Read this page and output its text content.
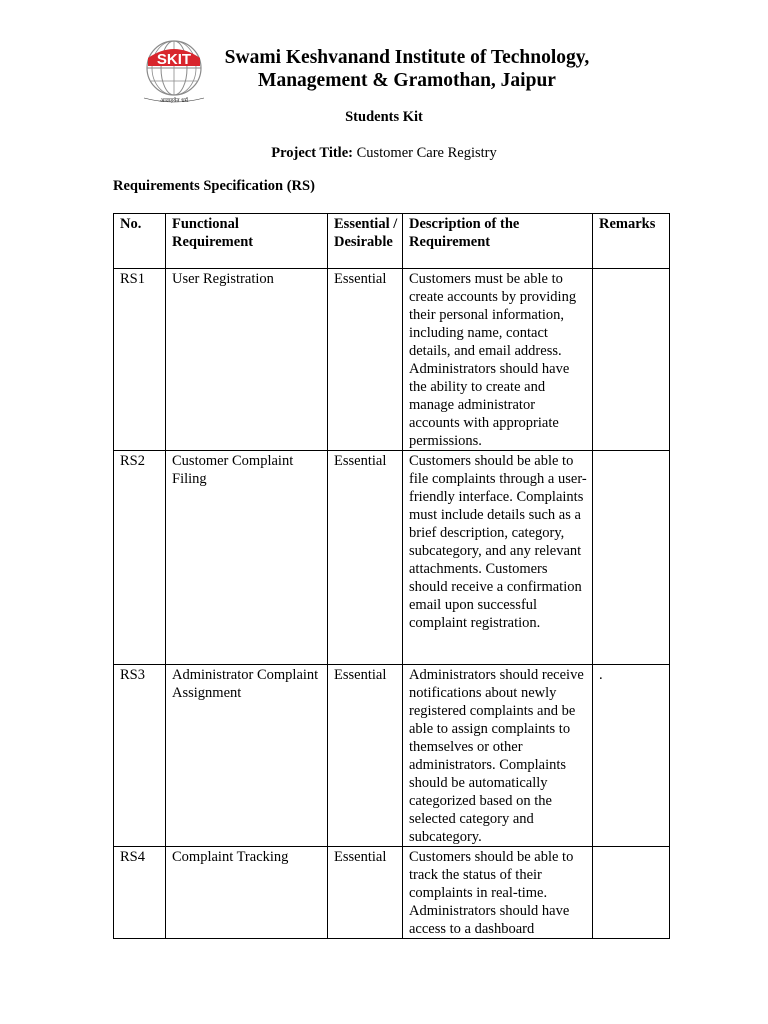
SKIT
आवाहयेत धर्म
Swami Keshvanand Institute of Technology,
Management & Gramothan, Jaipur
Students Kit
Project Title: Customer Care Registry
Requirements Specification (RS)
No.	Functional Requirement	Essential / Desirable	Description of the Requirement	Remarks
RS1	User Registration	Essential	Customers must be able to create accounts by providing their personal information, including name, contact details, and email address. Administrators should have the ability to create and manage administrator accounts with appropriate permissions.	
RS2	Customer Complaint Filing	Essential	Customers should be able to file complaints through a user-friendly interface. Complaints must include details such as a brief description, category, subcategory, and any relevant attachments. Customers should receive a confirmation email upon successful complaint registration.	
RS3	Administrator Complaint Assignment	Essential	Administrators should receive notifications about newly registered complaints and be able to assign complaints to themselves or other administrators. Complaints should be automatically categorized based on the selected category and subcategory.	.
RS4	Complaint Tracking	Essential	Customers should be able to track the status of their complaints in real-time. Administrators should have access to a dashboard	
